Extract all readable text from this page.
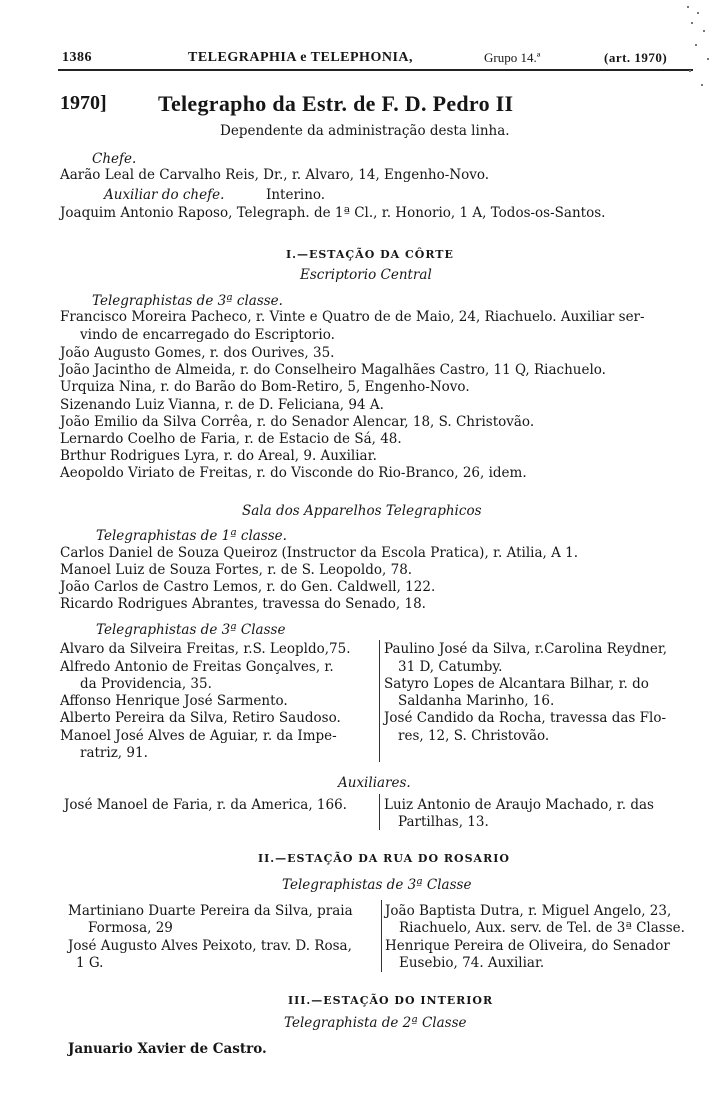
1386	TELEGRAPHIA e TELEPHONIA,	Grupo 14.ª	(art. 1970)
1970] Telegrapho da Estr. de F. D. Pedro II
Dependente da administração desta linha.
Chefe.
Aarão Leal de Carvalho Reis, Dr., r. Alvaro, 14, Engenho-Novo.
Auxiliar do chefe.	Interino.
Joaquim Antonio Raposo, Telegraph. de 1ª Cl., r. Honorio, 1 A, Todos-os-Santos.
I.—ESTAÇÃO DA CÔRTE
Escriptorio Central
Telegraphistas de 3ª classe.
Francisco Moreira Pacheco, r. Vinte e Quatro de de Maio, 24, Riachuelo. Auxiliar ser-
vindo de encarregado do Escriptorio.
João Augusto Gomes, r. dos Ourives, 35.
João Jacintho de Almeida, r. do Conselheiro Magalhães Castro, 11 Q, Riachuelo.
Urquiza Nina, r. do Barão do Bom-Retiro, 5, Engenho-Novo.
Sizenando Luiz Vianna, r. de D. Feliciana, 94 A.
João Emilio da Silva Corrêa, r. do Senador Alencar, 18, S. Christovão.
Lernardo Coelho de Faria, r. de Estacio de Sá, 48.
Brthur Rodrigues Lyra, r. do Areal, 9. Auxiliar.
Aeopoldo Viriato de Freitas, r. do Visconde do Rio-Branco, 26, idem.
Sala dos Apparelhos Telegraphicos
Telegraphistas de 1ª classe.
Carlos Daniel de Souza Queiroz (Instructor da Escola Pratica), r. Atilia, A 1.
Manoel Luiz de Souza Fortes, r. de S. Leopoldo, 78.
João Carlos de Castro Lemos, r. do Gen. Caldwell, 122.
Ricardo Rodrigues Abrantes, travessa do Senado, 18.
Telegraphistas de 3ª Classe
Alvaro da Silveira Freitas, r.S. Leopldo,75.
Alfredo Antonio de Freitas Gonçalves, r.
da Providencia, 35.
Affonso Henrique José Sarmento.
Alberto Pereira da Silva, Retiro Saudoso.
Manoel José Alves de Aguiar, r. da Impe-
ratriz, 91.
Paulino José da Silva, r.Carolina Reydner,
31 D, Catumby.
Satyro Lopes de Alcantara Bilhar, r. do
Saldanha Marinho, 16.
José Candido da Rocha, travessa das Flo-
res, 12, S. Christovão.
Auxiliares.
José Manoel de Faria, r. da America, 166.	Luiz Antonio de Araujo Machado, r. das
Partilhas, 13.
II.—ESTAÇÃO DA RUA DO ROSARIO
Telegraphistas de 3ª Classe
Martiniano Duarte Pereira da Silva, praia
Formosa, 29
José Augusto Alves Peixoto, trav. D. Rosa,
1 G.
João Baptista Dutra, r. Miguel Angelo, 23,
Riachuelo, Aux. serv. de Tel. de 3ª Classe.
Henrique Pereira de Oliveira, do Senador
Eusebio, 74. Auxiliar.
III.—ESTAÇÃO DO INTERIOR
Telegraphista de 2ª Classe
Januario Xavier de Castro.
